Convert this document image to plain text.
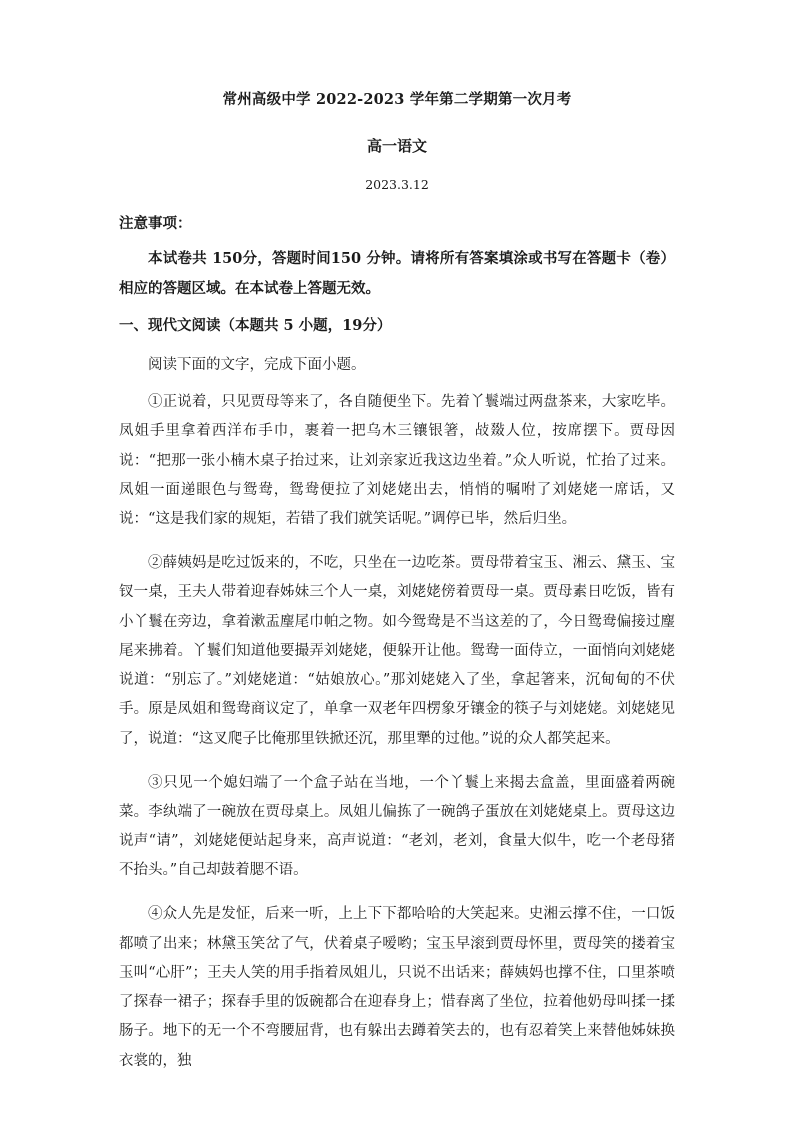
常州高级中学 2022-2023 学年第二学期第一次月考
高一语文
2023.3.12
注意事项：
本试卷共 150分，答题时间150 分钟。请将所有答案填涂或书写在答题卡（卷）相应的答题区域。在本试卷上答题无效。
一、现代文阅读（本题共 5 小题，19分）
阅读下面的文字，完成下面小题。

①正说着，只见贾母等来了，各自随便坐下。先着丫鬟端过两盘茶来，大家吃毕。凤姐手里拿着西洋布手巾，裹着一把乌木三镶银箸，敁敠人位，按席摆下。贾母因说：“把那一张小楠木桌子抬过来，让刘亲家近我这边坐着。”众人听说，忙抬了过来。凤姐一面递眼色与鸳鸯，鸳鸯便拉了刘姥姥出去，悄悄的嘱咐了刘姥姥一席话，又说：“这是我们家的规矩，若错了我们就笑话呢。”调停已毕，然后归坐。

②薛姨妈是吃过饭来的，不吃，只坐在一边吃茶。贾母带着宝玉、湘云、黛玉、宝钗一桌，王夫人带着迎春姊妹三个人一桌，刘姥姥傍着贾母一桌。贾母素日吃饭，皆有小丫鬟在旁边，拿着漱盂麈尾巾帕之物。如今鸳鸯是不当这差的了，今日鸳鸯偏接过麈尾来拂着。丫鬟们知道他要撮弄刘姥姥，便躲开让他。鸳鸯一面侍立，一面悄向刘姥姥说道：“别忘了。”刘姥姥道：“姑娘放心。”那刘姥姥入了坐，拿起箸来，沉甸甸的不伏手。原是凤姐和鸳鸯商议定了，单拿一双老年四楞象牙镶金的筷子与刘姥姥。刘姥姥见了，说道：“这叉爬子比俺那里铁掀还沉，那里犟的过他。”说的众人都笑起来。

③只见一个媳妇端了一个盒子站在当地，一个丫鬟上来揭去盒盖，里面盛着两碗菜。李纨端了一碗放在贾母桌上。凤姐儿偏拣了一碗鸽子蛋放在刘姥姥桌上。贾母这边说声“请”，刘姥姥便站起身来，高声说道：“老刘，老刘，食量大似牛，吃一个老母猪不抬头。”自己却鼓着腮不语。

④众人先是发怔，后来一听，上上下下都哈哈的大笑起来。史湘云撑不住，一口饭都喷了出来；林黛玉笑岔了气，伏着桌子嗳哟；宝玉早滚到贾母怀里，贾母笑的搂着宝玉叫“心肝”；王夫人笑的用手指着凤姐儿，只说不出话来；薛姨妈也撑不住，口里茶喷了探春一裙子；探春手里的饭碗都合在迎春身上；惜春离了坐位，拉着他奶母叫揉一揉肠子。地下的无一个不弯腰屈背，也有躲出去蹲着笑去的，也有忍着笑上来替他姊妹换衣裳的，独
